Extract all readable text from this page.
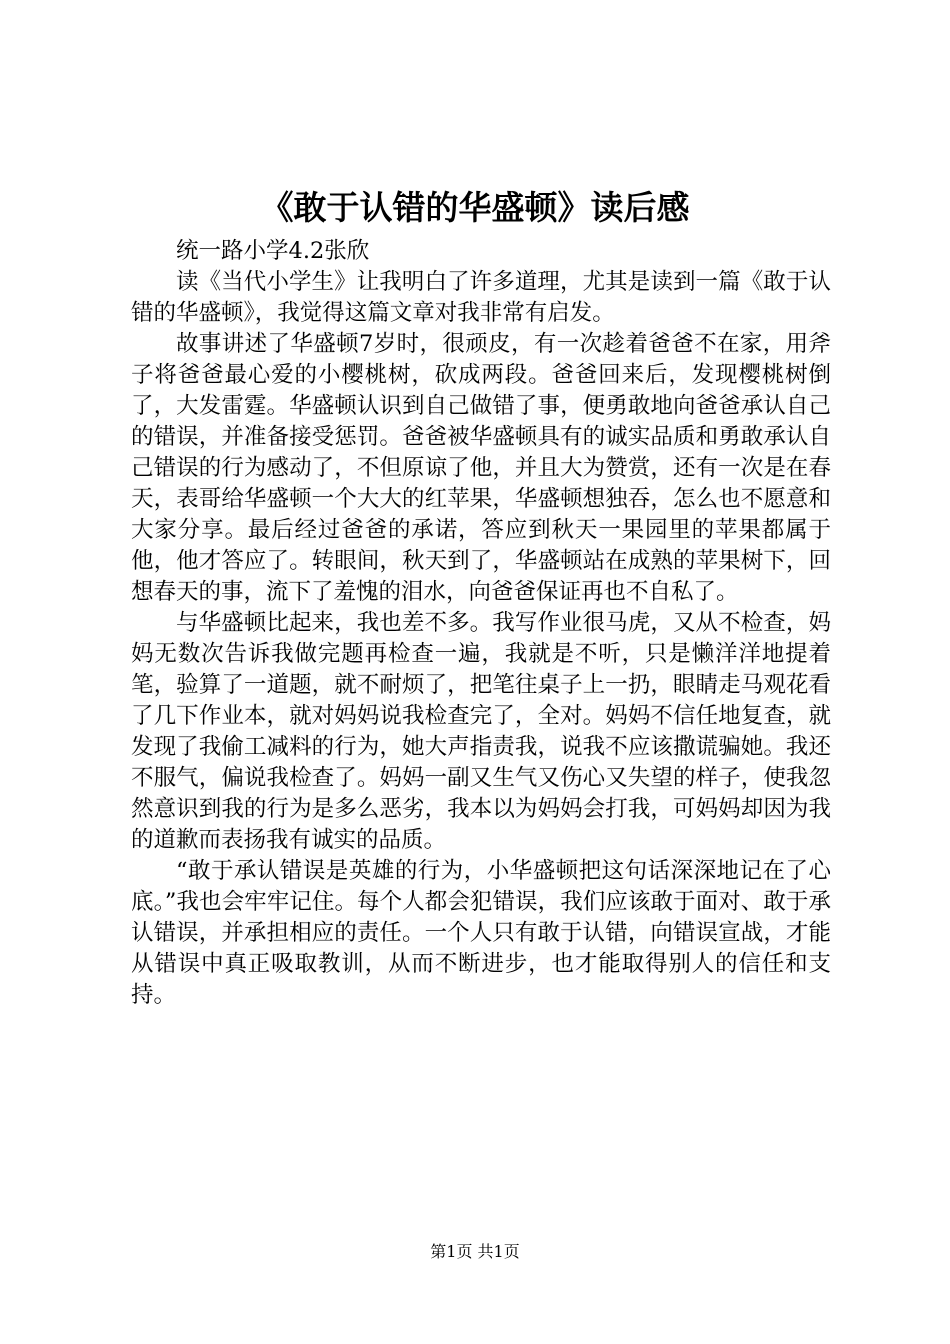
《敢于认错的华盛顿》读后感

统一路小学4.2张欣

读《当代小学生》让我明白了许多道理，尤其是读到一篇《敢于认错的华盛顿》，我觉得这篇文章对我非常有启发。

故事讲述了华盛顿7岁时，很顽皮，有一次趁着爸爸不在家，用斧子将爸爸最心爱的小樱桃树，砍成两段。爸爸回来后，发现樱桃树倒了，大发雷霆。华盛顿认识到自己做错了事，便勇敢地向爸爸承认自己的错误，并准备接受惩罚。爸爸被华盛顿具有的诚实品质和勇敢承认自己错误的行为感动了，不但原谅了他，并且大为赞赏，还有一次是在春天，表哥给华盛顿一个大大的红苹果，华盛顿想独吞，怎么也不愿意和大家分享。最后经过爸爸的承诺，答应到秋天一果园里的苹果都属于他，他才答应了。转眼间，秋天到了，华盛顿站在成熟的苹果树下，回想春天的事，流下了羞愧的泪水，向爸爸保证再也不自私了。

与华盛顿比起来，我也差不多。我写作业很马虎，又从不检查，妈妈无数次告诉我做完题再检查一遍，我就是不听，只是懒洋洋地提着笔，验算了一道题，就不耐烦了，把笔往桌子上一扔，眼睛走马观花看了几下作业本，就对妈妈说我检查完了，全对。妈妈不信任地复查，就发现了我偷工减料的行为，她大声指责我，说我不应该撒谎骗她。我还不服气，偏说我检查了。妈妈一副又生气又伤心又失望的样子，使我忽然意识到我的行为是多么恶劣，我本以为妈妈会打我，可妈妈却因为我的道歉而表扬我有诚实的品质。

“敢于承认错误是英雄的行为，小华盛顿把这句话深深地记在了心底。”我也会牢牢记住。每个人都会犯错误，我们应该敢于面对、敢于承认错误，并承担相应的责任。一个人只有敢于认错，向错误宣战，才能从错误中真正吸取教训，从而不断进步，也才能取得别人的信任和支持。

第1页 共1页
